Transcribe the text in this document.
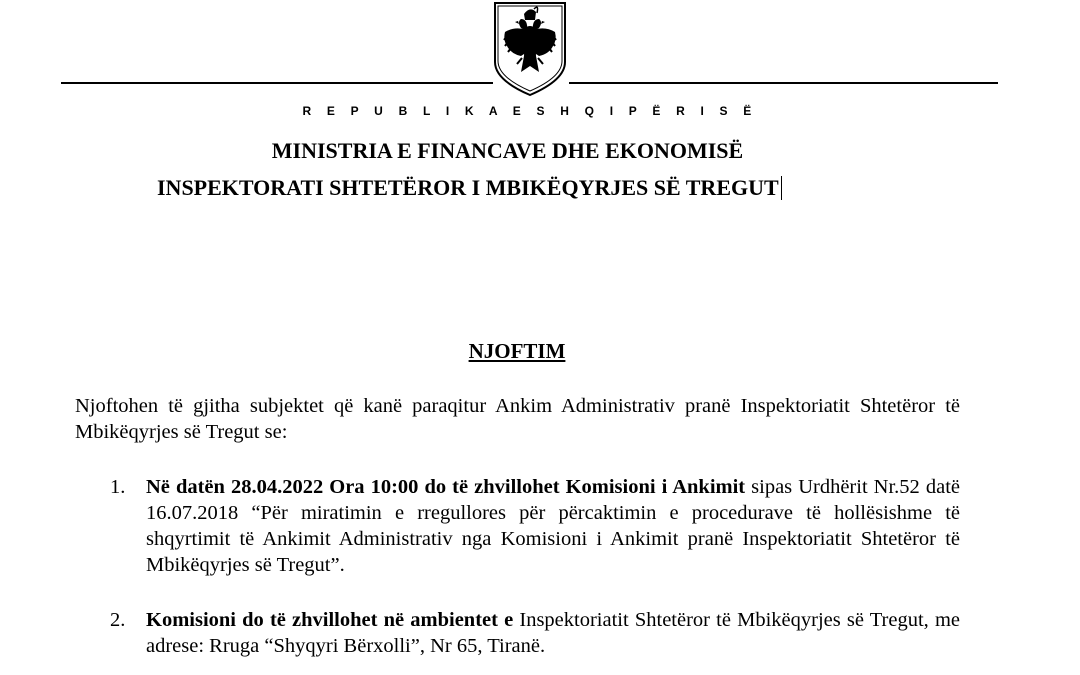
R E P U B L I K A E S H Q I P Ë R I S Ë
MINISTRIA E FINANCAVE DHE EKONOMISË
INSPEKTORATI SHTETËROR I MBIKËQYRJES SË TREGUT
NJOFTIM
Njoftohen të gjitha subjektet që kanë paraqitur Ankim Administrativ pranë Inspektoriatit Shtetëror të Mbikëqyrjes së Tregut se:
1. Në datën 28.04.2022 Ora 10:00 do të zhvillohet Komisioni i Ankimit sipas Urdhërit Nr.52 datë 16.07.2018 “Për miratimin e rregullores për përcaktimin e procedurave të hollësishme të shqyrtimit të Ankimit Administrativ nga Komisioni i Ankimit pranë Inspektoriatit Shtetëror të Mbikëqyrjes së Tregut”.
2. Komisioni do të zhvillohet në ambientet e Inspektoriatit Shtetëror të Mbikëqyrjes së Tregut, me adrese: Rruga “Shyqyri Bërxolli”, Nr 65, Tiranë.
